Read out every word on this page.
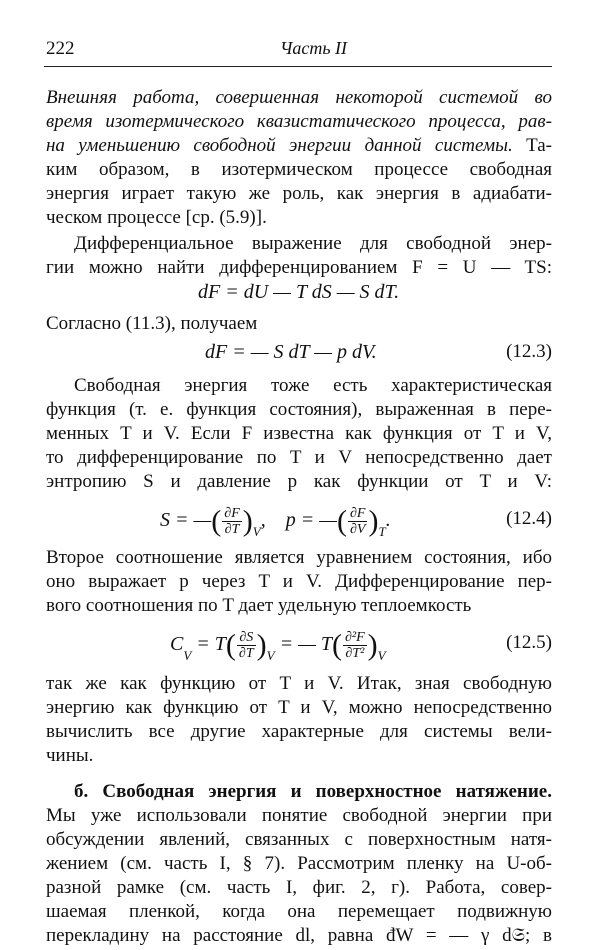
222	Часть II
Внешняя работа, совершенная некоторой системой во
время изотермического квазистатического процесса, рав-
на уменьшению свободной энергии данной системы. Та-
ким образом, в изотермическом процессе свободная
энергия играет такую же роль, как энергия в адиабати-
ческом процессе [ср. (5.9)].
Дифференциальное выражение для свободной энер-
гии можно найти дифференцированием F = U — TS:
dF = dU — T dS — S dT.
Согласно (11.3), получаем
dF = — S dT — p dV.	(12.3)
Свободная энергия тоже есть характеристическая
функция (т. е. функция состояния), выраженная в пере-
менных T и V. Если F известна как функция от T и V,
то дифференцирование по T и V непосредственно дает
энтропию S и давление p как функции от T и V:
S = —( $\frac{\partial F}{\partial T} )_V$, p = —( $\frac{\partial F}{\partial V} )_T$.	(12.4)
Второе соотношение является уравнением состояния, ибо
оно выражает p через T и V. Дифференцирование пер-
вого соотношения по T дает удельную теплоемкость
$C_V = T( \frac{\partial S}{\partial T} )_V$ = — $T( \frac{\text{∂²F}}{\text{∂T²}} )_V$
(12.5)
так же как функцию от T и V. Итак, зная свободную
энергию как функцию от T и V, можно непосредственно
вычислить все другие характерные для системы вели-
чины.
б. Свободная энергия и поверхностное натяжение.
Мы уже использовали понятие свободной энергии при
обсуждении явлений, связанных с поверхностным натя-
жением (см. часть I, § 7). Рассмотрим пленку на U-об-
разной рамке (см. часть I, фиг. 2, г). Работа, совер-
шаемая пленкой, когда она перемещает подвижную
перекладину на расстояние dl, равна đW = — γ d𝔖; в
